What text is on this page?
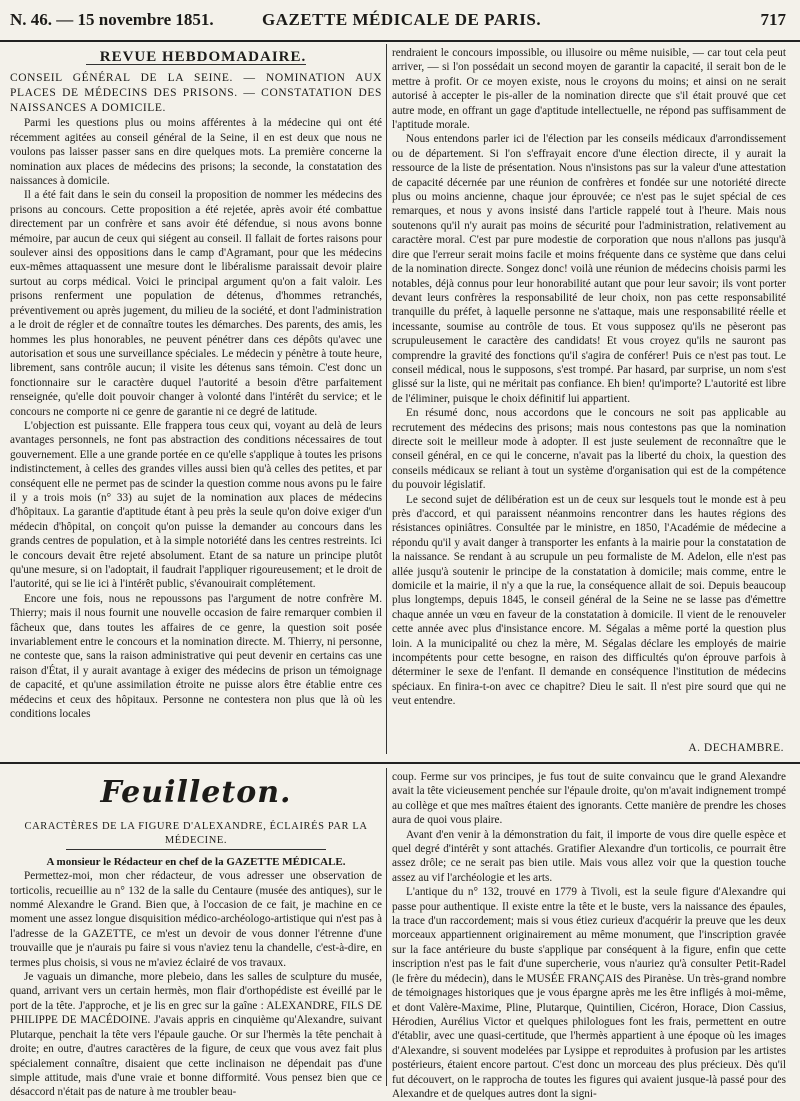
N. 46. — 15 novembre 1851.	GAZETTE MÉDICALE DE PARIS.	717

REVUE HEBDOMADAIRE.

CONSEIL GÉNÉRAL DE LA SEINE. — NOMINATION AUX PLACES DE MÉDECINS DES PRISONS. — CONSTATATION DES NAISSANCES A DOMICILE.

Parmi les questions plus ou moins afférentes à la médecine qui ont été récemment agitées au conseil général de la Seine, il en est deux que nous ne voulons pas laisser passer sans en dire quelques mots. La première concerne la nomination aux places de médecins des prisons; la seconde, la constatation des naissances à domicile.

Il a été fait dans le sein du conseil la proposition de nommer les médecins des prisons au concours. Cette proposition a été rejetée, après avoir été combattue directement par un confrère et sans avoir été défendue, si nous avons bonne mémoire, par aucun de ceux qui siégent au conseil. Il fallait de fortes raisons pour soulever ainsi des oppositions dans le camp d'Agramant, pour que les médecins eux-mêmes attaquassent une mesure dont le libéralisme paraissait devoir plaire surtout au corps médical. Voici le principal argument qu'on a fait valoir. Les prisons renferment une population de détenus, d'hommes retranchés, préventivement ou après jugement, du milieu de la société, et dont l'administration a le droit de régler et de connaître toutes les démarches. Des parents, des amis, les hommes les plus honorables, ne peuvent pénétrer dans ces dépôts qu'avec une autorisation et sous une surveillance spéciales. Le médecin y pénètre à toute heure, librement, sans contrôle aucun; il visite les détenus sans témoin. C'est donc un fonctionnaire sur le caractère duquel l'autorité a besoin d'être parfaitement renseignée, qu'elle doit pouvoir changer à volonté dans l'intérêt du service; et le concours ne comporte ni ce genre de garantie ni ce degré de latitude.

L'objection est puissante. Elle frappera tous ceux qui, voyant au delà de leurs avantages personnels, ne font pas abstraction des conditions nécessaires de tout gouvernement. Elle a une grande portée en ce qu'elle s'applique à toutes les prisons indistinctement, à celles des grandes villes aussi bien qu'à celles des petites, et par conséquent elle ne permet pas de scinder la question comme nous avons pu le faire il y a trois mois (n° 33) au sujet de la nomination aux places de médecins d'hôpitaux. La garantie d'aptitude étant à peu près la seule qu'on doive exiger d'un médecin d'hôpital, on conçoit qu'on puisse la demander au concours dans les grands centres de population, et à la simple notoriété dans les centres restreints. Ici le concours devait être rejeté absolument. Etant de sa nature un principe plutôt qu'une mesure, si on l'adoptait, il faudrait l'appliquer rigoureusement; et le droit de l'autorité, qui se lie ici à l'intérêt public, s'évanouirait complétement.

Encore une fois, nous ne repoussons pas l'argument de notre confrère M. Thierry; mais il nous fournit une nouvelle occasion de faire remarquer combien il fâcheux que, dans toutes les affaires de ce genre, la question soit posée invariablement entre le concours et la nomination directe. M. Thierry, ni personne, ne conteste que, sans la raison administrative qui peut devenir en certains cas une raison d'État, il y aurait avantage à exiger des médecins de prison un témoignage de capacité, et qu'une assimilation étroite ne puisse alors être établie entre ces médecins et ceux des hôpitaux. Personne ne contestera non plus que là où les conditions locales

rendraient le concours impossible, ou illusoire ou même nuisible, — car tout cela peut arriver, — si l'on possédait un second moyen de garantir la capacité, il serait bon de le mettre à profit. Or ce moyen existe, nous le croyons du moins; et ainsi on ne serait autorisé à accepter le pis-aller de la nomination directe que s'il était prouvé que cet autre mode, en offrant un gage d'aptitude intellectuelle, ne répond pas suffisamment de l'aptitude morale.

Nous entendons parler ici de l'élection par les conseils médicaux d'arrondissement ou de département. Si l'on s'effrayait encore d'une élection directe, il y aurait la ressource de la liste de présentation. Nous n'insistons pas sur la valeur d'une attestation de capacité décernée par une réunion de confrères et fondée sur une notoriété directe plus ou moins ancienne, chaque jour éprouvée; ce n'est pas le sujet spécial de ces remarques, et nous y avons insisté dans l'article rappelé tout à l'heure. Mais nous soutenons qu'il n'y aurait pas moins de sécurité pour l'administration, relativement au caractère moral. C'est par pure modestie de corporation que nous n'allons pas jusqu'à dire que l'erreur serait moins facile et moins fréquente dans ce système que dans celui de la nomination directe. Songez donc! voilà une réunion de médecins choisis parmi les notables, déjà connus pour leur honorabilité autant que pour leur savoir; ils vont porter devant leurs confrères la responsabilité de leur choix, non pas cette responsabilité tranquille du préfet, à laquelle personne ne s'attaque, mais une responsabilité réelle et incessante, soumise au contrôle de tous. Et vous supposez qu'ils ne pèseront pas scrupuleusement le caractère des candidats! Et vous croyez qu'ils ne sauront pas comprendre la gravité des fonctions qu'il s'agira de conférer! Puis ce n'est pas tout. Le conseil médical, nous le supposons, s'est trompé. Par hasard, par surprise, un nom s'est glissé sur la liste, qui ne méritait pas confiance. Eh bien! qu'importe? L'autorité est libre de l'éliminer, puisque le choix définitif lui appartient.

En résumé donc, nous accordons que le concours ne soit pas applicable au recrutement des médecins des prisons; mais nous contestons pas que la nomination directe soit le meilleur mode à adopter. Il est juste seulement de reconnaître que le conseil général, en ce qui le concerne, n'avait pas la liberté du choix, la question des conseils médicaux se reliant à tout un système d'organisation qui est de la compétence du pouvoir législatif.

Le second sujet de délibération est un de ceux sur lesquels tout le monde est à peu près d'accord, et qui paraissent néanmoins rencontrer dans les hautes régions des résistances opiniâtres. Consultée par le ministre, en 1850, l'Académie de médecine a répondu qu'il y avait danger à transporter les enfants à la mairie pour la constatation de la naissance. Se rendant à au scrupule un peu formaliste de M. Adelon, elle n'est pas allée jusqu'à soutenir le principe de la constatation à domicile; mais comme, entre le domicile et la mairie, il n'y a que la rue, la conséquence allait de soi. Depuis beaucoup plus longtemps, depuis 1845, le conseil général de la Seine ne se lasse pas d'émettre chaque année un vœu en faveur de la constatation à domicile. Il vient de le renouveler cette année avec plus d'insistance encore. M. Ségalas a même porté la question plus loin. A la municipalité ou chez la mère, M. Ségalas déclare les employés de mairie incompétents pour cette besogne, en raison des difficultés qu'on éprouve parfois à déterminer le sexe de l'enfant. Il demande en conséquence l'institution de médecins spéciaux. En finira-t-on avec ce chapitre? Dieu le sait. Il n'est pire sourd que qui ne veut entendre.

A. DECHAMBRE.
Feuilleton.

CARACTÈRES DE LA FIGURE D'ALEXANDRE, ÉCLAIRÉS PAR LA MÉDECINE.

A monsieur le Rédacteur en chef de la GAZETTE MÉDICALE.

Permettez-moi, mon cher rédacteur, de vous adresser une observation de torticolis, recueillie au n° 132 de la salle du Centaure (musée des antiques), sur le nommé Alexandre le Grand. Bien que, à l'occasion de ce fait, je machine en ce moment une assez longue disquisition médico-archéologo-artistique qui n'est pas à l'adresse de la GAZETTE, ce m'est un devoir de vous donner l'étrenne d'une trouvaille que je n'aurais pu faire si vous n'aviez tenu la chandelle, c'est-à-dire, en termes plus choisis, si vous ne m'aviez éclairé de vos travaux.

Je vaguais un dimanche, more plebeio, dans les salles de sculpture du musée, quand, arrivant vers un certain hermès, mon flair d'orthopédiste est éveillé par le port de la tête. J'approche, et je lis en grec sur la gaîne : ALEXANDRE, FILS DE PHILIPPE DE MACÉDOINE. J'avais appris en cinquième qu'Alexandre, suivant Plutarque, penchait la tête vers l'épaule gauche. Or sur l'hermès la tête penchait à droite; en outre, d'autres caractères de la figure, de ceux que vous avez fait plus spécialement connaître, disaient que cette inclinaison ne dépendait pas d'une simple attitude, mais d'une vraie et bonne difformité. Vous pensez bien que ce désaccord n'était pas de nature à me troubler beau-

coup. Ferme sur vos principes, je fus tout de suite convaincu que le grand Alexandre avait la tête vicieusement penchée sur l'épaule droite, qu'on m'avait indignement trompé au collège et que mes maîtres étaient des ignorants. Cette manière de prendre les choses aura de quoi vous plaire.

Avant d'en venir à la démonstration du fait, il importe de vous dire quelle espèce et quel degré d'intérêt y sont attachés. Gratifier Alexandre d'un torticolis, ce pourrait être assez drôle; ce ne serait pas bien utile. Mais vous allez voir que la question touche assez au vif l'archéologie et les arts.

L'antique du n° 132, trouvé en 1779 à Tivoli, est la seule figure d'Alexandre qui passe pour authentique. Il existe entre la tête et le buste, vers la naissance des épaules, la trace d'un raccordement; mais si vous étiez curieux d'acquérir la preuve que les deux morceaux appartiennent originairement au même monument, que l'inscription gravée sur la face antérieure du buste s'applique par conséquent à la figure, enfin que cette inscription n'est pas le fait d'une supercherie, vous n'auriez qu'à consulter Petit-Radel (le frère du médecin), dans le MUSÉE FRANÇAIS des Piranèse. Un très-grand nombre de témoignages historiques que je vous épargne après me les être infligés à moi-même, et dont Valère-Maxime, Pline, Plutarque, Quintilien, Cicéron, Horace, Dion Cassius, Hérodien, Aurélius Victor et quelques philologues font les frais, permettent en outre d'établir, avec une quasi-certitude, que l'hermès appartient à une époque où les images d'Alexandre, si souvent modelées par Lysippe et reproduites à profusion par les artistes postérieurs, étaient encore partout. C'est donc un morceau des plus précieux. Dès qu'il fut découvert, on le rapprocha de toutes les figures qui avaient jusque-là passé pour des Alexandre et de quelques autres dont la signi-
